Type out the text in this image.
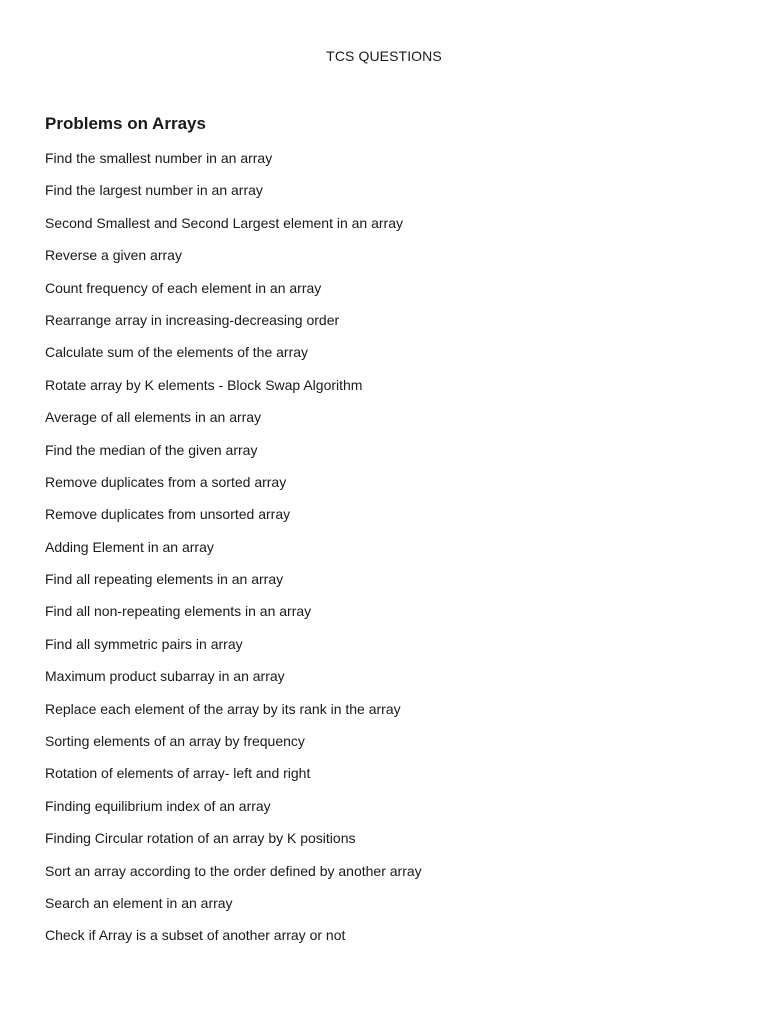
TCS QUESTIONS
Problems on Arrays
Find the smallest number in an array
Find the largest number in an array
Second Smallest and Second Largest element in an array
Reverse a given array
Count frequency of each element in an array
Rearrange array in increasing-decreasing order
Calculate sum of the elements of the array
Rotate array by K elements - Block Swap Algorithm
Average of all elements in an array
Find the median of the given array
Remove duplicates from a sorted array
Remove duplicates from unsorted array
Adding Element in an array
Find all repeating elements in an array
Find all non-repeating elements in an array
Find all symmetric pairs in array
Maximum product subarray in an array
Replace each element of the array by its rank in the array
Sorting elements of an array by frequency
Rotation of elements of array- left and right
Finding equilibrium index of an array
Finding Circular rotation of an array by K positions
Sort an array according to the order defined by another array
Search an element in an array
Check if Array is a subset of another array or not
